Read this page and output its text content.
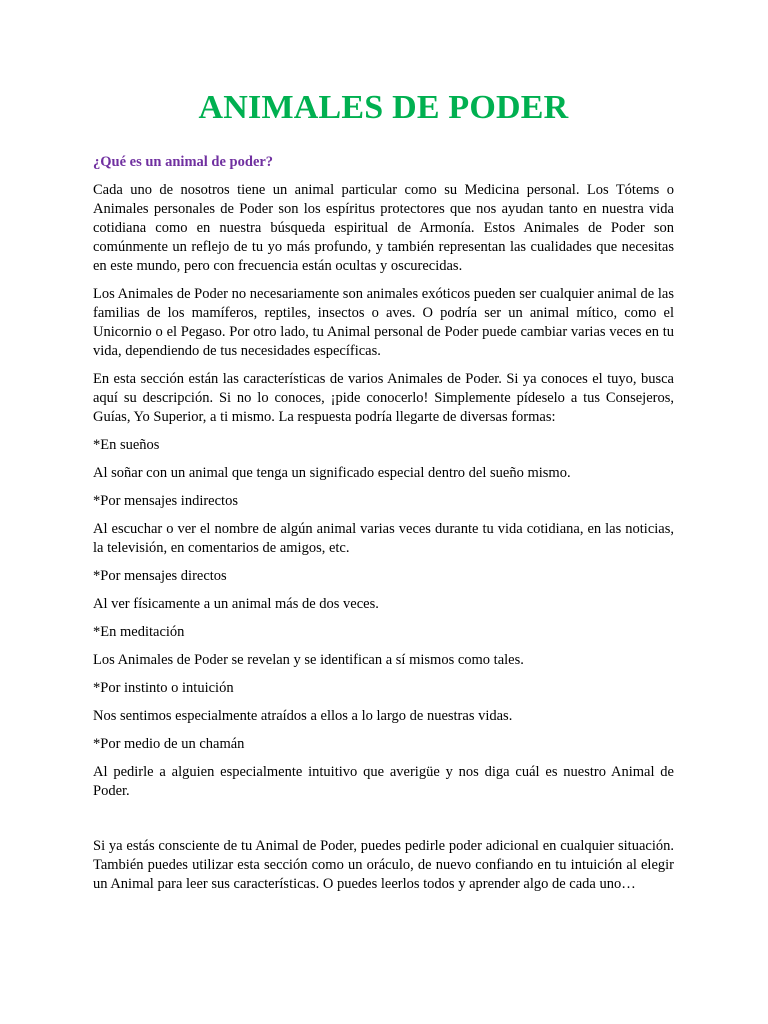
ANIMALES DE PODER
¿Qué es un animal de poder?

Cada uno de nosotros tiene un animal particular como su Medicina personal. Los Tótems o Animales personales de Poder son los espíritus protectores que nos ayudan tanto en nuestra vida cotidiana como en nuestra búsqueda espiritual de Armonía. Estos Animales de Poder son comúnmente un reflejo de tu yo más profundo, y también representan las cualidades que necesitas en este mundo, pero con frecuencia están ocultas y oscurecidas.

Los Animales de Poder no necesariamente son animales exóticos pueden ser cualquier animal de las familias de los mamíferos, reptiles, insectos o aves. O podría ser un animal mítico, como el Unicornio o el Pegaso. Por otro lado, tu Animal personal de Poder puede cambiar varias veces en tu vida, dependiendo de tus necesidades específicas.

En esta sección están las características de varios Animales de Poder. Si ya conoces el tuyo, busca aquí su descripción. Si no lo conoces, ¡pide conocerlo! Simplemente pídeselo a tus Consejeros, Guías, Yo Superior, a ti mismo. La respuesta podría llegarte de diversas formas:

*En sueños

Al soñar con un animal que tenga un significado especial dentro del sueño mismo.

*Por mensajes indirectos

Al escuchar o ver el nombre de algún animal varias veces durante tu vida cotidiana, en las noticias, la televisión, en comentarios de amigos, etc.

*Por mensajes directos

Al ver físicamente a un animal más de dos veces.

*En meditación

Los Animales de Poder se revelan y se identifican a sí mismos como tales.

*Por instinto o intuición

Nos sentimos especialmente atraídos a ellos a lo largo de nuestras vidas.

*Por medio de un chamán

Al pedirle a alguien especialmente intuitivo que averigüe y nos diga cuál es nuestro Animal de Poder.

Si ya estás consciente de tu Animal de Poder, puedes pedirle poder adicional en cualquier situación. También puedes utilizar esta sección como un oráculo, de nuevo confiando en tu intuición al elegir un Animal para leer sus características. O puedes leerlos todos y aprender algo de cada uno…
